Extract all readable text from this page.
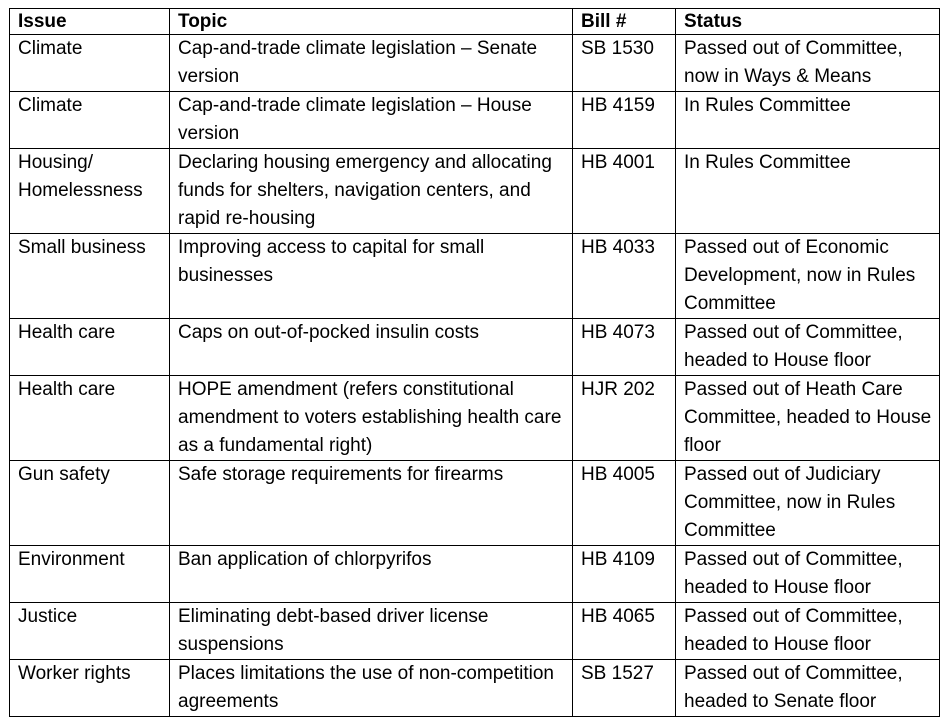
Issue	Topic	Bill #	Status
Climate	Cap-and-trade climate legislation – Senate version	SB 1530	Passed out of Committee, now in Ways & Means
Climate	Cap-and-trade climate legislation – House version	HB 4159	In Rules Committee
Housing/ Homelessness	Declaring housing emergency and allocating funds for shelters, navigation centers, and rapid re-housing	HB 4001	In Rules Committee
Small business	Improving access to capital for small businesses	HB 4033	Passed out of Economic Development, now in Rules Committee
Health care	Caps on out-of-pocked insulin costs	HB 4073	Passed out of Committee, headed to House floor
Health care	HOPE amendment (refers constitutional amendment to voters establishing health care as a fundamental right)	HJR 202	Passed out of Heath Care Committee, headed to House floor
Gun safety	Safe storage requirements for firearms	HB 4005	Passed out of Judiciary Committee, now in Rules Committee
Environment	Ban application of chlorpyrifos	HB 4109	Passed out of Committee, headed to House floor
Justice	Eliminating debt-based driver license suspensions	HB 4065	Passed out of Committee, headed to House floor
Worker rights	Places limitations the use of non-competition agreements	SB 1527	Passed out of Committee, headed to Senate floor
